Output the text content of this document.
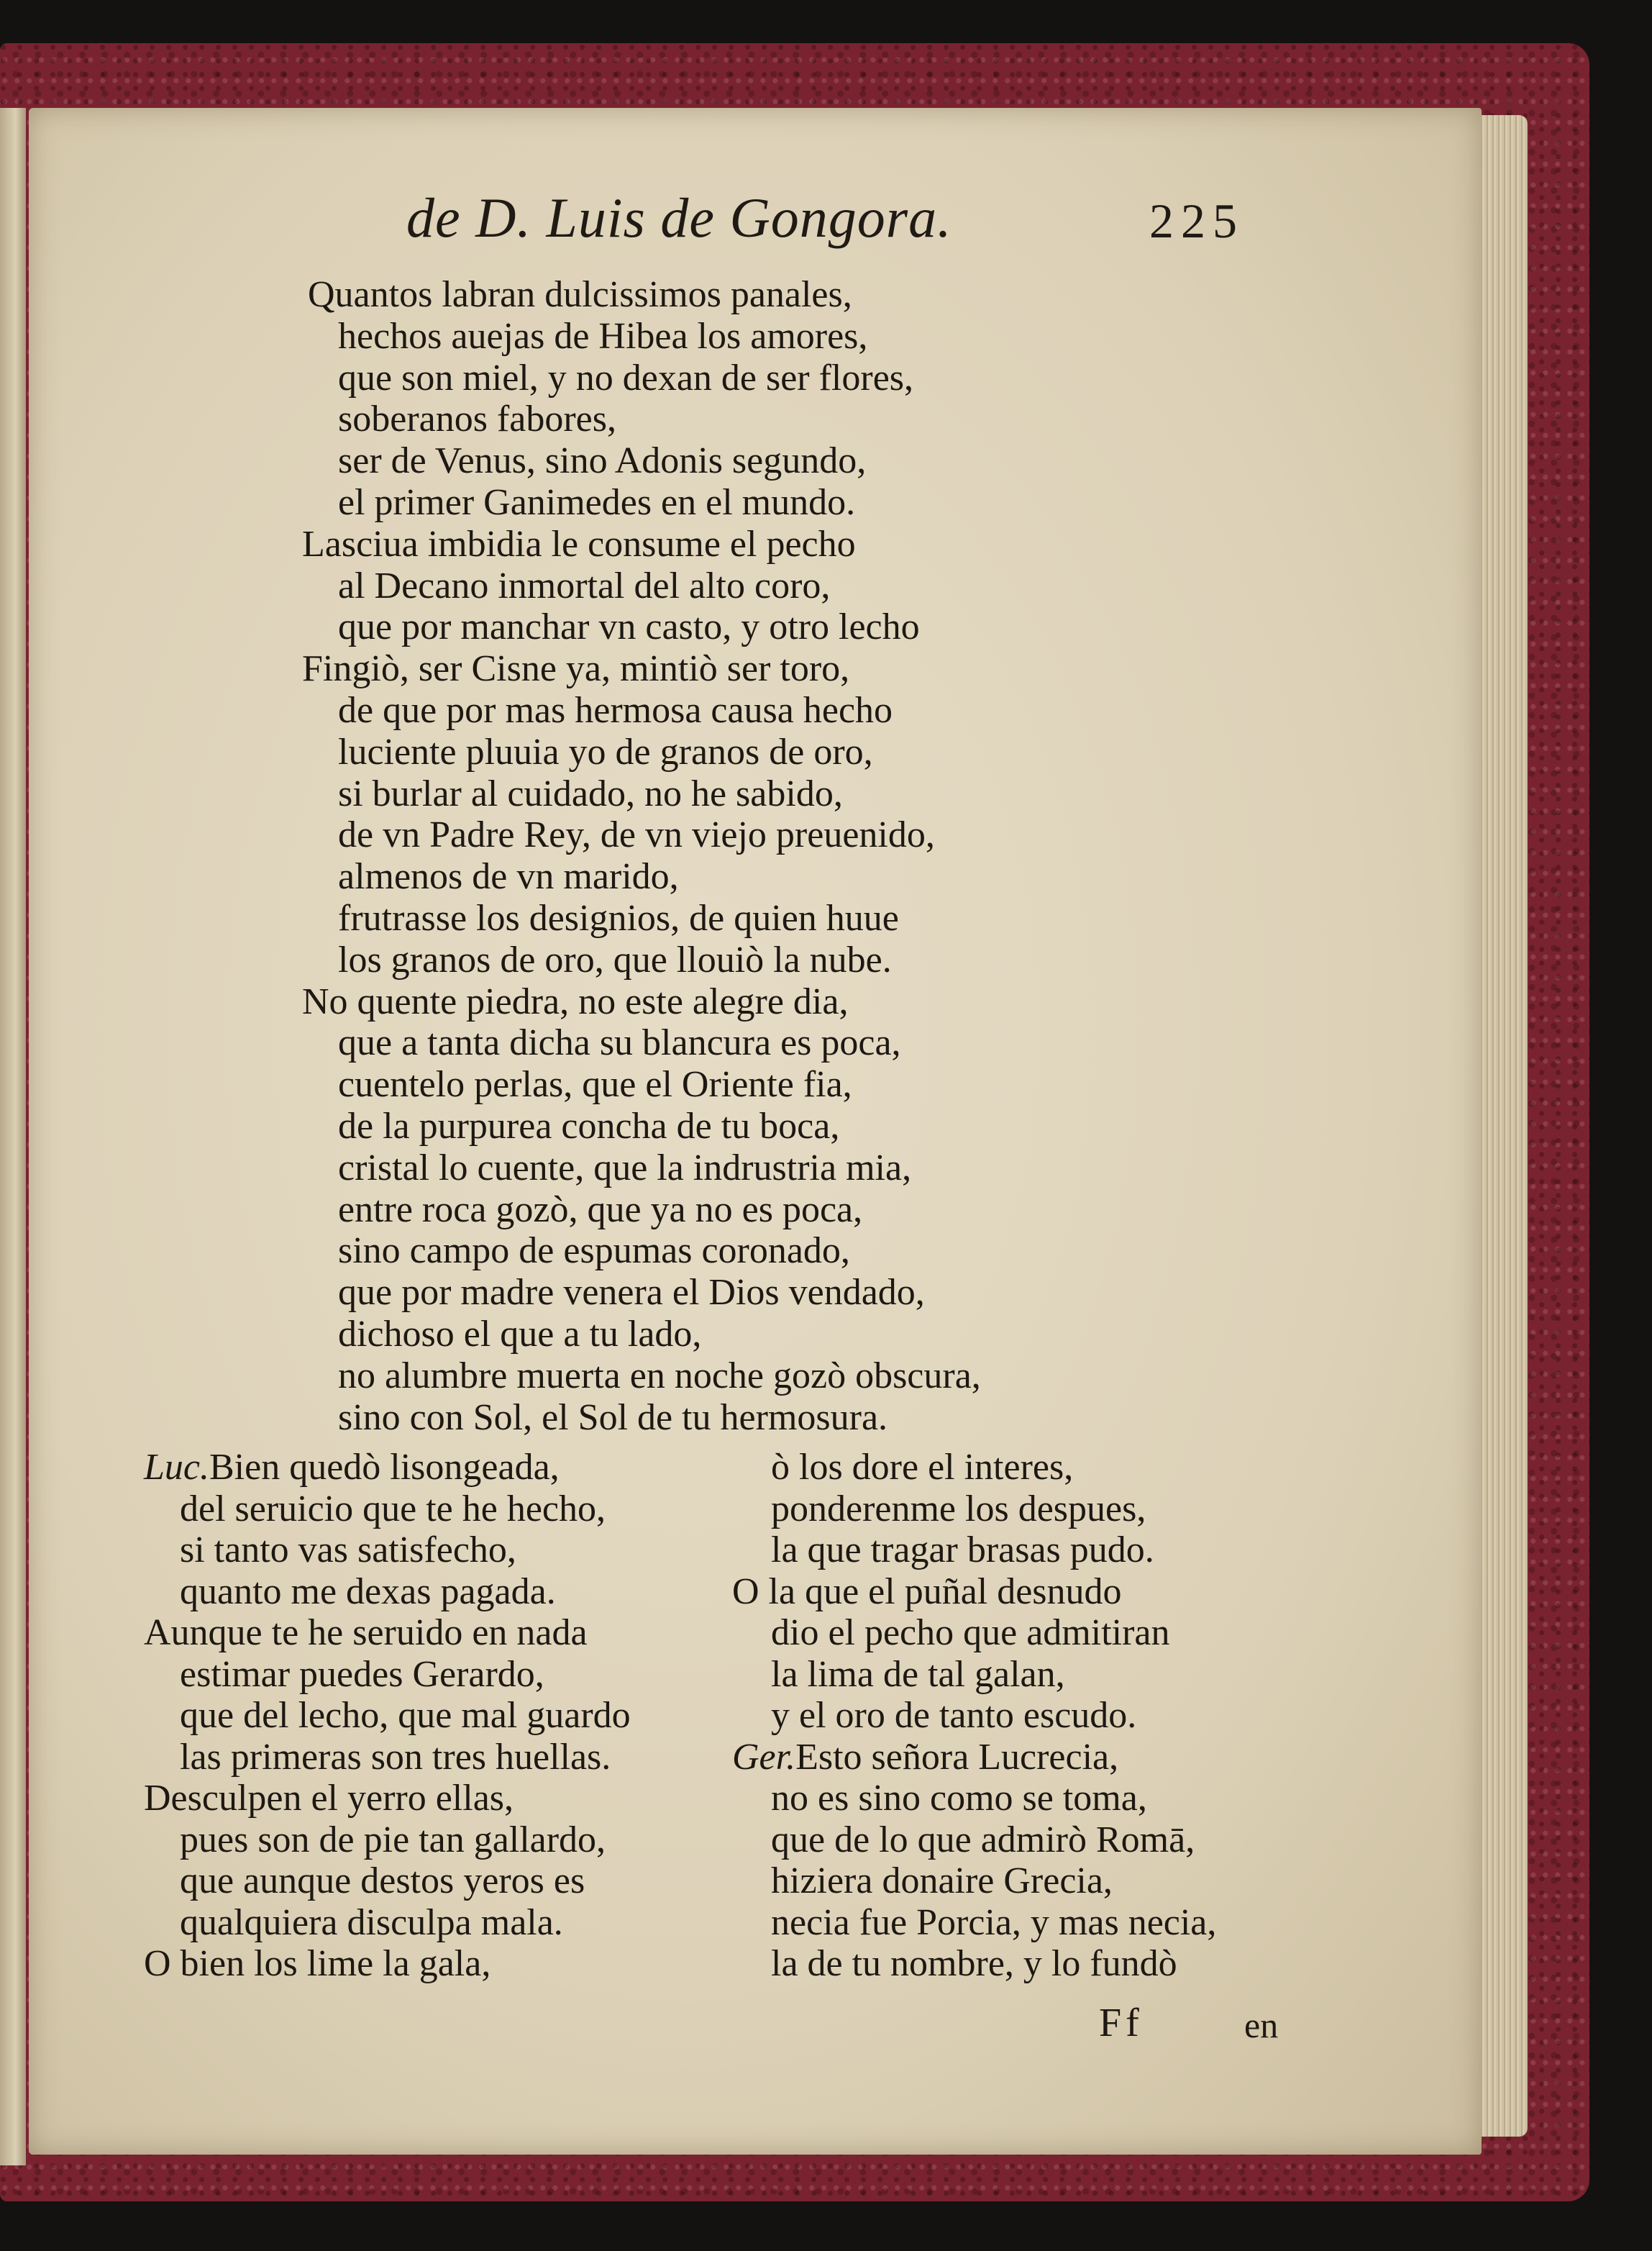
de D. Luis de Gongora.	225
Quantos labran dulcissimos panales,
hechos auejas de Hibea los amores,
que son miel, y no dexan de ser flores,
soberanos fabores,
ser de Venus, sino Adonis segundo,
el primer Ganimedes en el mundo.
Lasciua imbidia le consume el pecho
al Decano inmortal del alto coro,
que por manchar vn casto, y otro lecho
Fingiò, ser Cisne ya, mintiò ser toro,
de que por mas hermosa causa hecho
luciente pluuia yo de granos de oro,
si burlar al cuidado, no he sabido,
de vn Padre Rey, de vn viejo preuenido,
almenos de vn marido,
frutrasse los designios, de quien huue
los granos de oro, que llouiò la nube.
No quente piedra, no este alegre dia,
que a tanta dicha su blancura es poca,
cuentelo perlas, que el Oriente fia,
de la purpurea concha de tu boca,
cristal lo cuente, que la indrustria mia,
entre roca gozò, que ya no es poca,
sino campo de espumas coronado,
que por madre venera el Dios vendado,
dichoso el que a tu lado,
no alumbre muerta en noche gozò obscura,
sino con Sol, el Sol de tu hermosura.
Luc.Bien quedò lisongeada,
del seruicio que te he hecho,
si tanto vas satisfecho,
quanto me dexas pagada.
Aunque te he seruido en nada
estimar puedes Gerardo,
que del lecho, que mal guardo
las primeras son tres huellas.
Desculpen el yerro ellas,
pues son de pie tan gallardo,
que aunque destos yeros es
qualquiera disculpa mala.
O bien los lime la gala,
ò los dore el interes,
ponderenme los despues,
la que tragar brasas pudo.
O la que el puñal desnudo
dio el pecho que admitiran
la lima de tal galan,
y el oro de tanto escudo.
Ger.Esto señora Lucrecia,
no es sino como se toma,
que de lo que admirò Romā,
hiziera donaire Grecia,
necia fue Porcia, y mas necia,
la de tu nombre, y lo fundò
Ff	en
